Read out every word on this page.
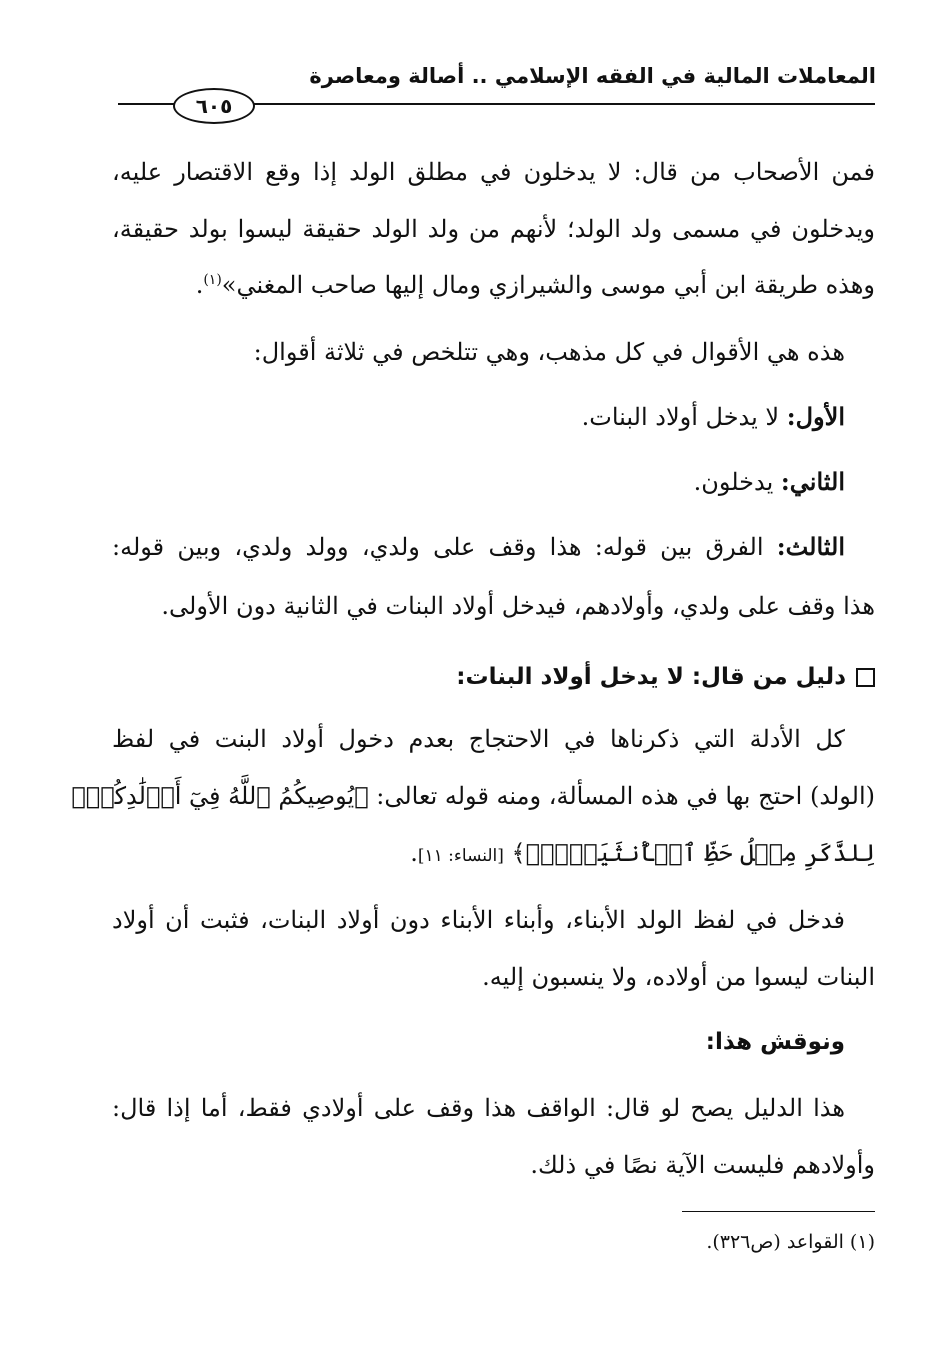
المعاملات المالية في الفقه الإسلامي .. أصالة ومعاصرة
٦٠٥
فمن الأصحاب من قال: لا يدخلون في مطلق الولد إذا وقع الاقتصار عليه،
ويدخلون في مسمى ولد الولد؛ لأنهم من ولد الولد حقيقة ليسوا بولد حقيقة،
وهذه طريقة ابن أبي موسى والشيرازي ومال إليها صاحب المغني»$^{(١)}$.
هذه هي الأقوال في كل مذهب، وهي تتلخص في ثلاثة أقوال:
الأول: لا يدخل أولاد البنات.
الثاني: يدخلون.
الثالث: الفرق بين قوله: هذا وقف على ولدي، وولد ولدي، وبين قوله:
هذا وقف على ولدي، وأولادهم، فيدخل أولاد البنات في الثانية دون الأولى.
دليل من قال: لا يدخل أولاد البنات:
كل الأدلة التي ذكرناها في الاحتجاج بعدم دخول أولاد البنت في لفظ
(الولد) احتج بها في هذه المسألة، ومنه قوله تعالى: ﴿يُوصِيكُمُ ٱللَّهُ فِيٓ أَوۡلَٰدِكُمۡۖ
لِلذَّكَرِ مِثۡلُ حَظِّ ٱلۡأُنثَيَيۡنِۚ﴾ [النساء: ١١].
فدخل في لفظ الولد الأبناء، وأبناء الأبناء دون أولاد البنات، فثبت أن أولاد
البنات ليسوا من أولاده، ولا ينسبون إليه.
ونوقش هذا:
هذا الدليل يصح لو قال: الواقف هذا وقف على أولادي فقط، أما إذا قال:
وأولادهم فليست الآية نصًا في ذلك.
(١) القواعد (ص٣٢٦).
